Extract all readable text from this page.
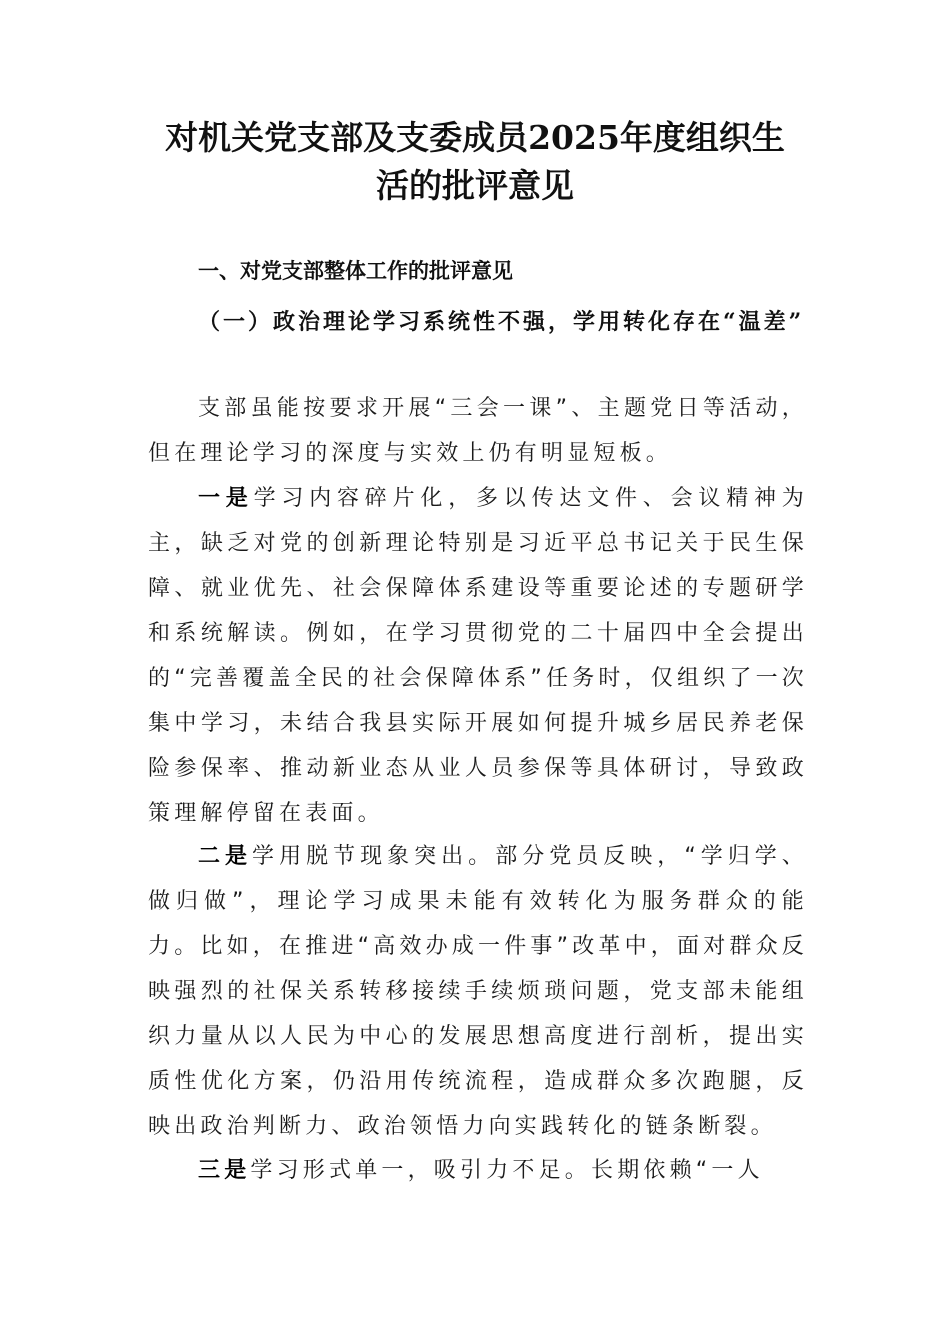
对机关党支部及支委成员2025年度组织生
活的批评意见
一、对党支部整体工作的批评意见
（一）政治理论学习系统性不强，学用转化存在“温差”

支部虽能按要求开展“三会一课”、主题党日等活动，但在理论学习的深度与实效上仍有明显短板。

一是学习内容碎片化，多以传达文件、会议精神为主，缺乏对党的创新理论特别是习近平总书记关于民生保障、就业优先、社会保障体系建设等重要论述的专题研学和系统解读。例如，在学习贯彻党的二十届四中全会提出的“完善覆盖全民的社会保障体系”任务时，仅组织了一次集中学习，未结合我县实际开展如何提升城乡居民养老保险参保率、推动新业态从业人员参保等具体研讨，导致政策理解停留在表面。

二是学用脱节现象突出。部分党员反映，“学归学、做归做”，理论学习成果未能有效转化为服务群众的能力。比如，在推进“高效办成一件事”改革中，面对群众反映强烈的社保关系转移接续手续烦琐问题，党支部未能组织力量从以人民为中心的发展思想高度进行剖析，提出实质性优化方案，仍沿用传统流程，造成群众多次跑腿，反映出政治判断力、政治领悟力向实践转化的链条断裂。

三是学习形式单一，吸引力不足。长期依赖“一人
